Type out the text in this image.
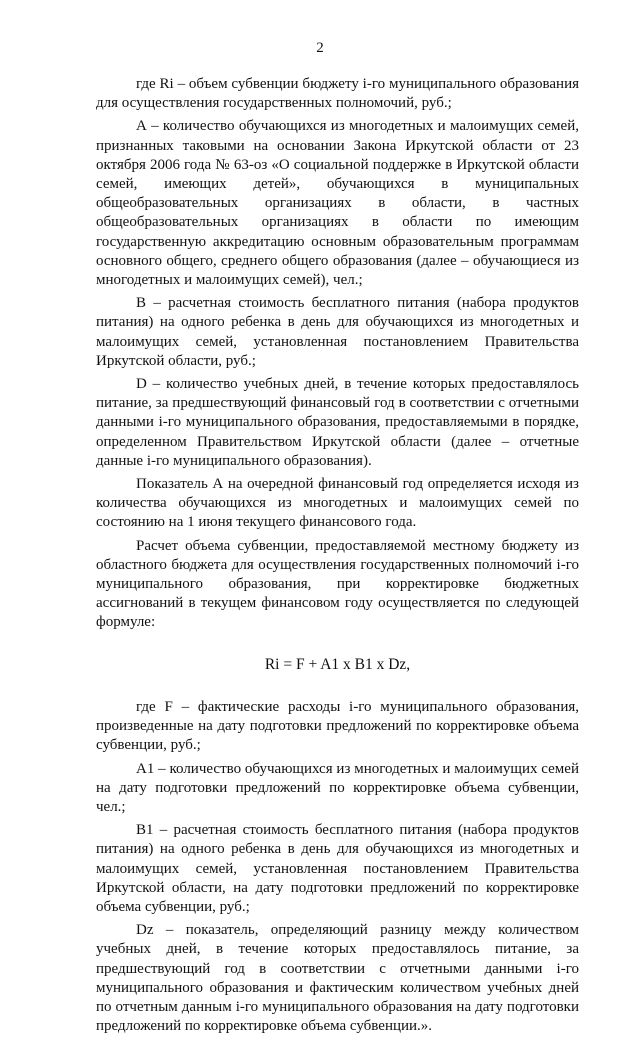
2

где Ri – объем субвенции бюджету i-го муниципального образования для осуществления государственных полномочий, руб.;

А – количество обучающихся из многодетных и малоимущих семей, признанных таковыми на основании Закона Иркутской области от 23 октября 2006 года № 63-оз «О социальной поддержке в Иркутской области семей, имеющих детей», обучающихся в муниципальных общеобразовательных организациях в области, в частных общеобразовательных организациях в области по имеющим государственную аккредитацию основным образовательным программам основного общего, среднего общего образования (далее – обучающиеся из многодетных и малоимущих семей), чел.;

В – расчетная стоимость бесплатного питания (набора продуктов питания) на одного ребенка в день для обучающихся из многодетных и малоимущих семей, установленная постановлением Правительства Иркутской области, руб.;

D – количество учебных дней, в течение которых предоставлялось питание, за предшествующий финансовый год в соответствии с отчетными данными i-го муниципального образования, предоставляемыми в порядке, определенном Правительством Иркутской области (далее – отчетные данные i-го муниципального образования).

Показатель А на очередной финансовый год определяется исходя из количества обучающихся из многодетных и малоимущих семей по состоянию на 1 июня текущего финансового года.

Расчет объема субвенции, предоставляемой местному бюджету из областного бюджета для осуществления государственных полномочий i-го муниципального образования, при корректировке бюджетных ассигнований в текущем финансовом году осуществляется по следующей формуле:

Ri = F + A1 x B1 x Dz,

где F – фактические расходы i-го муниципального образования, произведенные на дату подготовки предложений по корректировке объема субвенции, руб.;

A1 – количество обучающихся из многодетных и малоимущих семей на дату подготовки предложений по корректировке объема субвенции, чел.;

B1 – расчетная стоимость бесплатного питания (набора продуктов питания) на одного ребенка в день для обучающихся из многодетных и малоимущих семей, установленная постановлением Правительства Иркутской области, на дату подготовки предложений по корректировке объема субвенции, руб.;

Dz – показатель, определяющий разницу между количеством учебных дней, в течение которых предоставлялось питание, за предшествующий год в соответствии с отчетными данными i-го муниципального образования и фактическим количеством учебных дней по отчетным данным i-го муниципального образования на дату подготовки предложений по корректировке объема субвенции.».
